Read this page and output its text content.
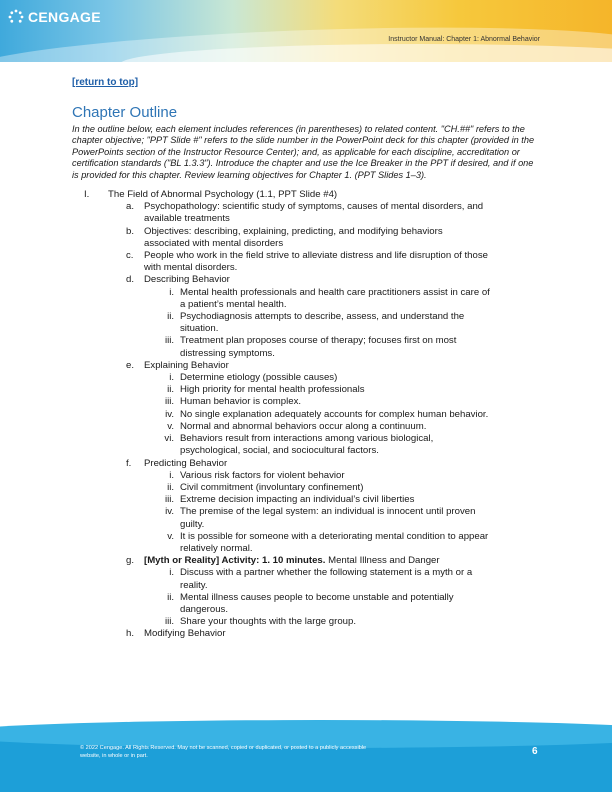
CENGAGE
Instructor Manual: Chapter 1: Abnormal Behavior
[return to top]
Chapter Outline
In the outline below, each element includes references (in parentheses) to related content. "CH.##" refers to the chapter objective; "PPT Slide #" refers to the slide number in the PowerPoint deck for this chapter (provided in the PowerPoints section of the Instructor Resource Center); and, as applicable for each discipline, accreditation or certification standards ("BL 1.3.3"). Introduce the chapter and use the Ice Breaker in the PPT if desired, and if one is provided for this chapter. Review learning objectives for Chapter 1. (PPT Slides 1–3).
I. The Field of Abnormal Psychology (1.1, PPT Slide #4)
a. Psychopathology: scientific study of symptoms, causes of mental disorders, and
available treatments
b. Objectives: describing, explaining, predicting, and modifying behaviors
associated with mental disorders
c. People who work in the field strive to alleviate distress and life disruption of those
with mental disorders.
d. Describing Behavior
i. Mental health professionals and health care practitioners assist in care of
a patient’s mental health.
ii. Psychodiagnosis attempts to describe, assess, and understand the
situation.
iii. Treatment plan proposes course of therapy; focuses first on most
distressing symptoms.
e. Explaining Behavior
i. Determine etiology (possible causes)
ii. High priority for mental health professionals
iii. Human behavior is complex.
iv. No single explanation adequately accounts for complex human behavior.
v. Normal and abnormal behaviors occur along a continuum.
vi. Behaviors result from interactions among various biological,
psychological, social, and sociocultural factors.
f. Predicting Behavior
i. Various risk factors for violent behavior
ii. Civil commitment (involuntary confinement)
iii. Extreme decision impacting an individual’s civil liberties
iv. The premise of the legal system: an individual is innocent until proven
guilty.
v. It is possible for someone with a deteriorating mental condition to appear
relatively normal.
g. [Myth or Reality] Activity: 1. 10 minutes. Mental Illness and Danger
i. Discuss with a partner whether the following statement is a myth or a
reality.
ii. Mental illness causes people to become unstable and potentially
dangerous.
iii. Share your thoughts with the large group.
h. Modifying Behavior
© 2022 Cengage. All Rights Reserved. May not be scanned, copied or duplicated, or posted to a publicly accessible
website, in whole or in part.	6
